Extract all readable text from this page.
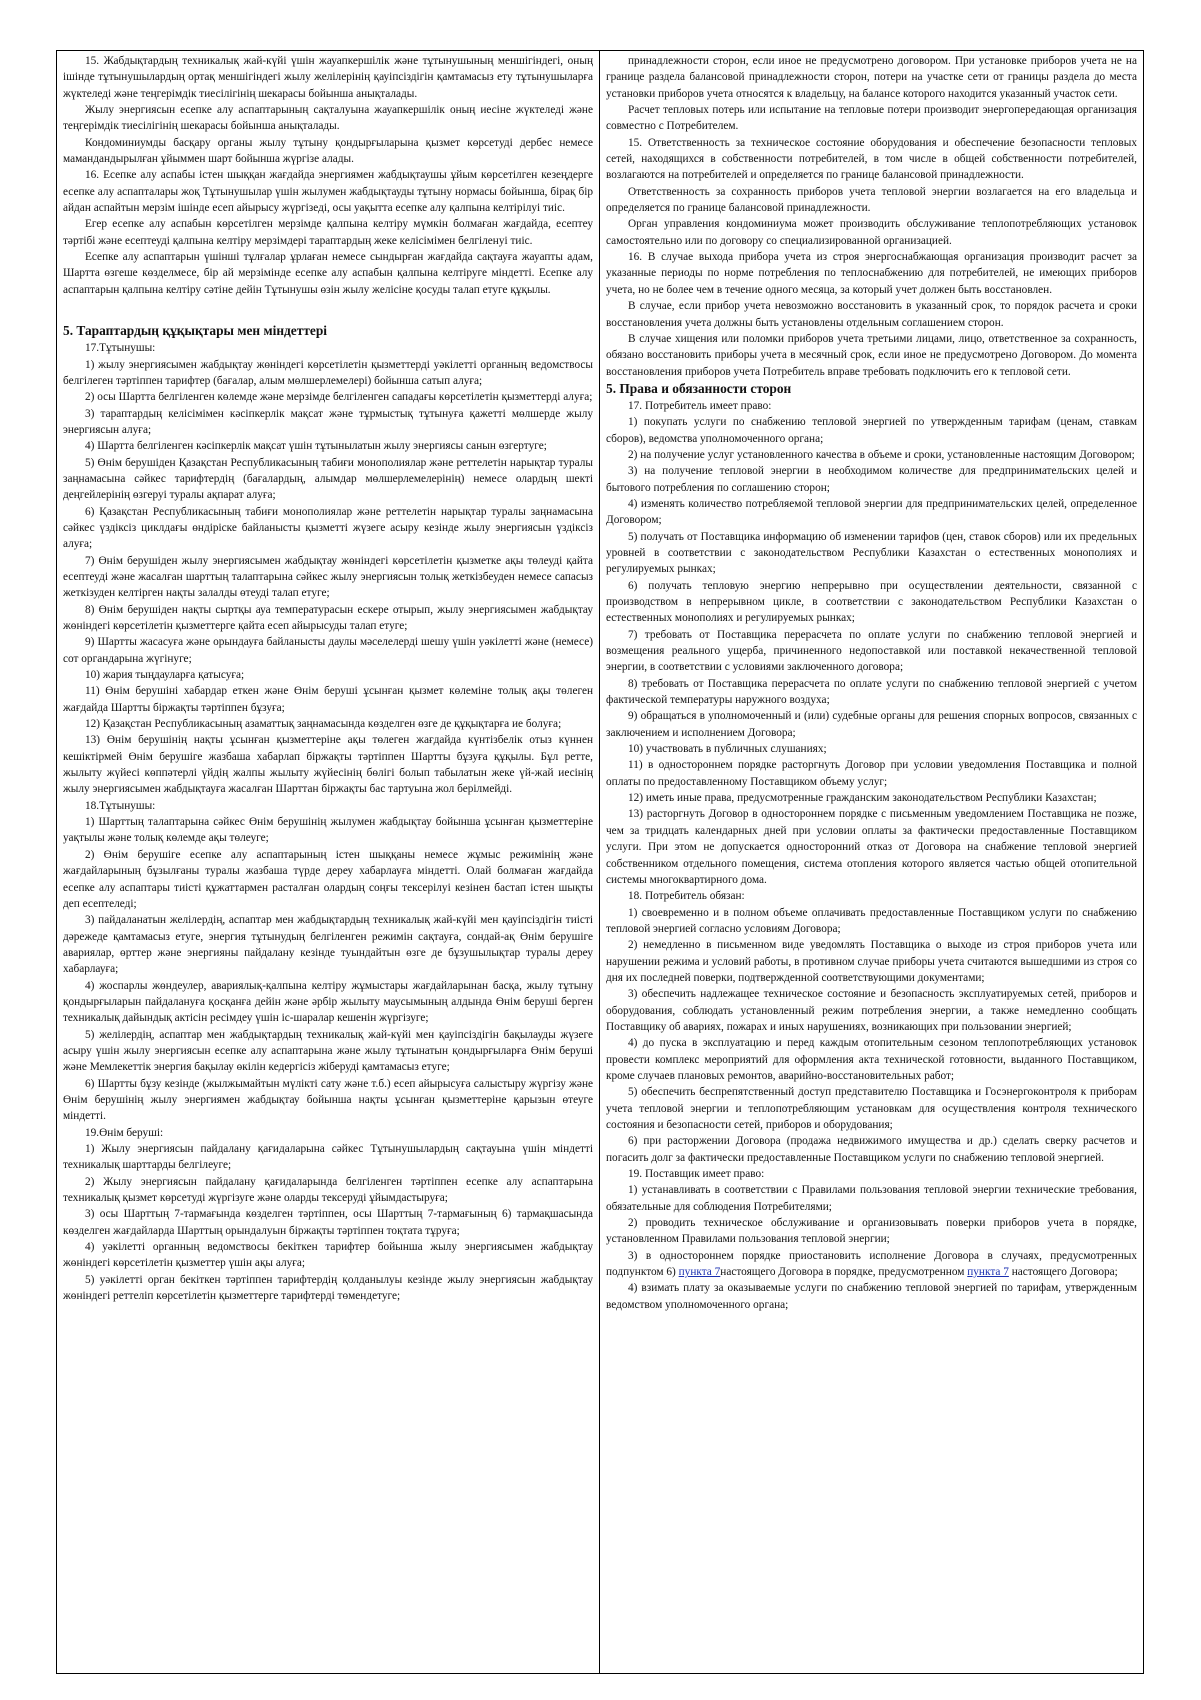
15. Жабдықтардың техникалық жай-күйі үшін жауапкершілік және тұтынушының меншігіндегі, оның ішінде тұтынушылардың ортақ меншігіндегі жылу желілерінің қауіпсіздігін қамтамасыз ету тұтынушыларға жүктеледі және теңгерімдік тиесілігінің шекарасы бойынша анықталады.

Жылу энергиясын есепке алу аспаптарының сақталуына жауапкершілік оның иесіне жүктеледі және теңгерімдік тиесілігінің шекарасы бойынша анықталады.

Кондоминиумды басқару органы жылу тұтыну қондырғыларына қызмет көрсетуді дербес немесе мамандандырылған ұйыммен шарт бойынша жүргізе алады.

16. Есепке алу аспабы істен шыққан жағдайда энергиямен жабдықтаушы ұйым көрсетілген кезеңдерге есепке алу аспапталары жоқ Тұтынушылар үшін жылумен жабдықтауды тұтыну нормасы бойынша, бірақ бір айдан аспайтын мерзім ішінде есеп айырысу жүргізеді, осы уақытта есепке алу қалпына келтірілуі тиіс.

Егер есепке алу аспабын көрсетілген мерзімде қалпына келтіру мүмкін болмаған жағдайда, есептеу тәртібі және есептеуді қалпына келтіру мерзімдері тараптардың жеке келісімімен белгіленуі тиіс.

Есепке алу аспаптарын үшінші тұлғалар ұрлаған немесе сындырған жағдайда сақтауға жауапты адам, Шартта өзгеше көзделмесе, бір ай мерзімінде есепке алу аспабын қалпына келтіруге міндетті. Есепке алу аспаптарын қалпына келтіру сәтіне дейін Тұтынушы өзін жылу желісіне қосуды талап етуге құқылы.

5. Тараптардың құқықтары мен міндеттері

17.Тұтынушы:

1) жылу энергиясымен жабдықтау жөніндегі көрсетілетін қызметтерді уәкілетті органның ведомствосы белгілеген тәртіппен тарифтер (бағалар, алым мөлшерлемелері) бойынша сатып алуға;

2) осы Шартта белгіленген көлемде және мерзімде белгіленген сападағы көрсетілетін қызметтерді алуға;

3) тараптардың келісімімен кәсіпкерлік мақсат және тұрмыстық тұтынуға қажетті мөлшерде жылу энергиясын алуға;

4) Шартта белгіленген кәсіпкерлік мақсат үшін тұтынылатын жылу энергиясы санын өзгертуге;

5) Өнім берушіден Қазақстан Республикасының табиғи монополиялар және реттелетін нарықтар туралы заңнамасына сәйкес тарифтердің (бағалардың, алымдар мөлшерлемелерінің) немесе олардың шекті деңгейлерінің өзгеруі туралы ақпарат алуға;

6) Қазақстан Республикасының табиғи монополиялар және реттелетін нарықтар туралы заңнамасына сәйкес үздіксіз циклдағы өндіріске байланысты қызметті жүзеге асыру кезінде жылу энергиясын үздіксіз алуға;

7) Өнім берушіден жылу энергиясымен жабдықтау жөніндегі көрсетілетін қызметке ақы төлеуді қайта есептеуді және жасалған шарттың талаптарына сәйкес жылу энергиясын толық жеткізбеуден немесе сапасыз жеткізуден келтірген нақты залалды өтеуді талап етуге;

8) Өнім берушіден нақты сыртқы ауа температурасын ескере отырып, жылу энергиясымен жабдықтау жөніндегі көрсетілетін қызметтерге қайта есеп айырысуды талап етуге;

9) Шартты жасасуға және орындауға байланысты даулы мәселелерді шешу үшін уәкілетті және (немесе) сот органдарына жүгінуге;

10) жария тыңдауларға қатысуға;

11) Өнім берушіні хабардар еткен және Өнім беруші ұсынған қызмет көлеміне толық ақы төлеген жағдайда Шартты біржақты тәртіппен бұзуға;

12) Қазақстан Республикасының азаматтық заңнамасында көзделген өзге де құқықтарға ие болуға;

13) Өнім берушінің нақты ұсынған қызметтеріне ақы төлеген жағдайда күнтізбелік отыз күннен кешіктірмей Өнім берушіге жазбаша хабарлап біржақты тәртіппен Шартты бұзуға құқылы. Бұл ретте, жылыту жүйесі көппәтерлі үйдің жалпы жылыту жүйесінің бөлігі болып табылатын жеке үй-жай иесінің жылу энергиясымен жабдықтауға жасалған Шарттан біржақты бас тартуына жол берілмейді.

18.Тұтынушы:

1) Шарттың талаптарына сәйкес Өнім берушінің жылумен жабдықтау бойынша ұсынған қызметтеріне уақтылы және толық көлемде ақы төлеуге;

2) Өнім берушіге есепке алу аспаптарының істен шыққаны немесе жұмыс режимінің және жағдайларының бұзылғаны туралы жазбаша түрде дереу хабарлауға міндетті. Олай болмаған жағдайда есепке алу аспаптары тиісті құжаттармен расталған олардың соңғы тексерілуі кезінен бастап істен шықты деп есептеледі;

3) пайдаланатын желілердің, аспаптар мен жабдықтардың техникалық жай-күйі мен қауіпсіздігін тиісті дәрежеде қамтамасыз етуге, энергия тұтынудың белгіленген режимін сақтауға, сондай-ақ Өнім берушіге авариялар, өрттер және энергияны пайдалану кезінде туындайтын өзге де бұзушылықтар туралы дереу хабарлауға;

4) жоспарлы жөндеулер, авариялық-қалпына келтіру жұмыстары жағдайларынан басқа, жылу тұтыну қондырғыларын пайдалануға қосқанға дейін және әрбір жылыту маусымының алдында Өнім беруші берген техникалық дайындық актісін ресімдеу үшін іс-шаралар кешенін жүргізуге;

5) желілердің, аспаптар мен жабдықтардың техникалық жай-күйі мен қауіпсіздігін бақылауды жүзеге асыру үшін жылу энергиясын есепке алу аспаптарына және жылу тұтынатын қондырғыларға Өнім беруші және Мемлекеттік энергия бақылау өкілін кедергісіз жіберуді қамтамасыз етуге;

6) Шартты бұзу кезінде (жылжымайтын мүлікті сату және т.б.) есеп айырысуға салыстыру жүргізу және Өнім берушінің жылу энергиямен жабдықтау бойынша нақты ұсынған қызметтеріне қарызын өтеуге міндетті.

19.Өнім беруші:

1) Жылу энергиясын пайдалану қағидаларына сәйкес Тұтынушылардың сақтауына үшін міндетті техникалық шарттарды белгілеуге;

2) Жылу энергиясын пайдалану қағидаларында белгіленген тәртіппен есепке алу аспаптарына техникалық қызмет көрсетуді жүргізуге және оларды тексеруді ұйымдастыруға;

3) осы Шарттың 7-тармағында көзделген тәртіппен, осы Шарттың 7-тармағының 6) тармақшасында көзделген жағдайларда Шарттың орындалуын біржақты тәртіппен тоқтата тұруға;

4) уәкілетті органның ведомствосы бекіткен тарифтер бойынша жылу энергиясымен жабдықтау жөніндегі көрсетілетін қызметтер үшін ақы алуға;

5) уәкілетті орган бекіткен тәртіппен тарифтердің қолданылуы кезінде жылу энергиясын жабдықтау жөніндегі реттеліп көрсетілетін қызметтерге тарифтерді төмендетуге;

принадлежности сторон, если иное не предусмотрено договором. При установке приборов учета не на границе раздела балансовой принадлежности сторон, потери на участке сети от границы раздела до места установки приборов учета относятся к владельцу, на балансе которого находится указанный участок сети.

Расчет тепловых потерь или испытание на тепловые потери производит энергопередающая организация совместно с Потребителем.

15. Ответственность за техническое состояние оборудования и обеспечение безопасности тепловых сетей, находящихся в собственности потребителей, в том числе в общей собственности потребителей, возлагаются на потребителей и определяется по границе балансовой принадлежности.

Ответственность за сохранность приборов учета тепловой энергии возлагается на его владельца и определяется по границе балансовой принадлежности.

Орган управления кондоминиума может производить обслуживание теплопотребляющих установок самостоятельно или по договору со специализированной организацией.

16. В случае выхода прибора учета из строя энергоснабжающая организация производит расчет за указанные периоды по норме потребления по теплоснабжению для потребителей, не имеющих приборов учета, но не более чем в течение одного месяца, за который учет должен быть восстановлен.

В случае, если прибор учета невозможно восстановить в указанный срок, то порядок расчета и сроки восстановления учета должны быть установлены отдельным соглашением сторон.

В случае хищения или поломки приборов учета третьими лицами, лицо, ответственное за сохранность, обязано восстановить приборы учета в месячный срок, если иное не предусмотрено Договором. До момента восстановления приборов учета Потребитель вправе требовать подключить его к тепловой сети.

5. Права и обязанности сторон

17. Потребитель имеет право:

1) покупать услуги по снабжению тепловой энергией по утвержденным тарифам (ценам, ставкам сборов), ведомства уполномоченного органа;

2) на получение услуг установленного качества в объеме и сроки, установленные настоящим Договором;

3) на получение тепловой энергии в необходимом количестве для предпринимательских целей и бытового потребления по соглашению сторон;

4) изменять количество потребляемой тепловой энергии для предпринимательских целей, определенное Договором;

5) получать от Поставщика информацию об изменении тарифов (цен, ставок сборов) или их предельных уровней в соответствии с законодательством Республики Казахстан о естественных монополиях и регулируемых рынках;

6) получать тепловую энергию непрерывно при осуществлении деятельности, связанной с производством в непрерывном цикле, в соответствии с законодательством Республики Казахстан о естественных монополиях и регулируемых рынках;

7) требовать от Поставщика перерасчета по оплате услуги по снабжению тепловой энергией и возмещения реального ущерба, причиненного недопоставкой или поставкой некачественной тепловой энергии, в соответствии с условиями заключенного договора;

8) требовать от Поставщика перерасчета по оплате услуги по снабжению тепловой энергией с учетом фактической температуры наружного воздуха;

9) обращаться в уполномоченный и (или) судебные органы для решения спорных вопросов, связанных с заключением и исполнением Договора;

10) участвовать в публичных слушаниях;

11) в одностороннем порядке расторгнуть Договор при условии уведомления Поставщика и полной оплаты по предоставленному Поставщиком объему услуг;

12) иметь иные права, предусмотренные гражданским законодательством Республики Казахстан;

13) расторгнуть Договор в одностороннем порядке с письменным уведомлением Поставщика не позже, чем за тридцать календарных дней при условии оплаты за фактически предоставленные Поставщиком услуги. При этом не допускается односторонний отказ от Договора на снабжение тепловой энергией собственником отдельного помещения, система отопления которого является частью общей отопительной системы многоквартирного дома.

18. Потребитель обязан:

1) своевременно и в полном объеме оплачивать предоставленные Поставщиком услуги по снабжению тепловой энергией согласно условиям Договора;

2) немедленно в письменном виде уведомлять Поставщика о выходе из строя приборов учета или нарушении режима и условий работы, в противном случае приборы учета считаются вышедшими из строя со дня их последней поверки, подтвержденной соответствующими документами;

3) обеспечить надлежащее техническое состояние и безопасность эксплуатируемых сетей, приборов и оборудования, соблюдать установленный режим потребления энергии, а также немедленно сообщать Поставщику об авариях, пожарах и иных нарушениях, возникающих при пользовании энергией;

4) до пуска в эксплуатацию и перед каждым отопительным сезоном теплопотребляющих установок провести комплекс мероприятий для оформления акта технической готовности, выданного Поставщиком, кроме случаев плановых ремонтов, аварийно-восстановительных работ;

5) обеспечить беспрепятственный доступ представителю Поставщика и Госэнергоконтроля к приборам учета тепловой энергии и теплопотребляющим установкам для осуществления контроля технического состояния и безопасности сетей, приборов и оборудования;

6) при расторжении Договора (продажа недвижимого имущества и др.) сделать сверку расчетов и погасить долг за фактически предоставленные Поставщиком услуги по снабжению тепловой энергией.

19. Поставщик имеет право:

1) устанавливать в соответствии с Правилами пользования тепловой энергии технические требования, обязательные для соблюдения Потребителями;

2) проводить техническое обслуживание и организовывать поверки приборов учета в порядке, установленном Правилами пользования тепловой энергии;

3) в одностороннем порядке приостановить исполнение Договора в случаях, предусмотренных подпунктом 6) пункта 7настоящего Договора в порядке, предусмотренном пункта 7 настоящего Договора;

4) взимать плату за оказываемые услуги по снабжению тепловой энергией по тарифам, утвержденным ведомством уполномоченного органа;
